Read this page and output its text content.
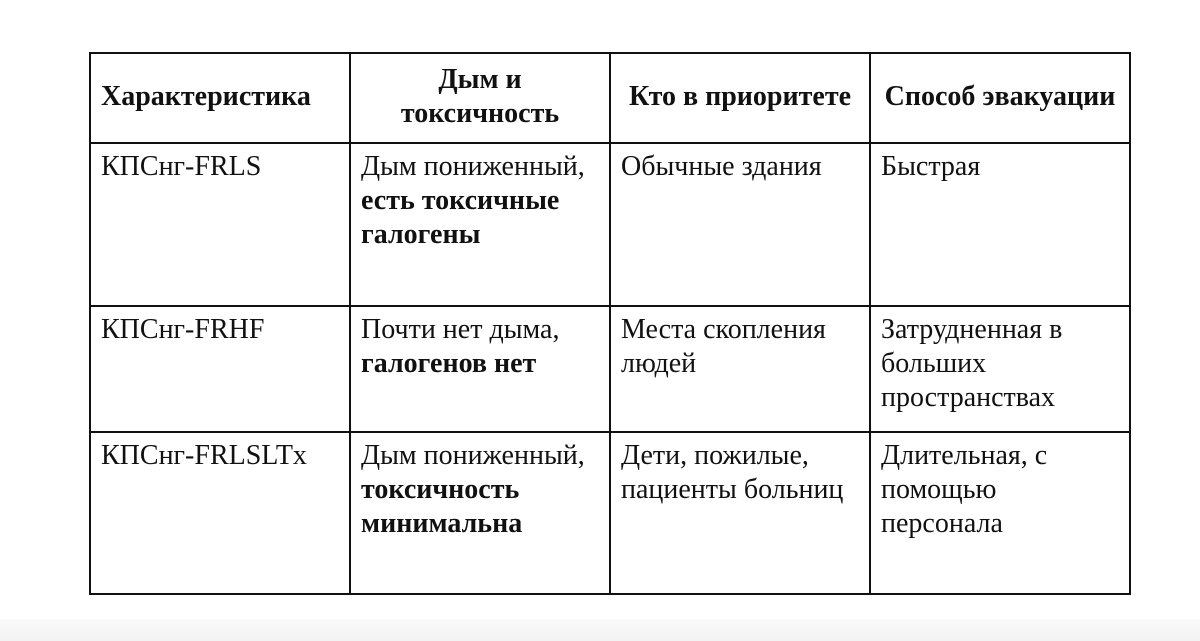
Характеристика	Дым и токсичность	Кто в приоритете	Способ эвакуации
КПСнг-FRLS	Дым пониженный, есть токсичные галогены	Обычные здания	Быстрая
КПСнг-FRHF	Почти нет дыма, галогенов нет	Места скопления людей	Затрудненная в больших пространствах
КПСнг-FRLSLTx	Дым пониженный, токсичность минимальна	Дети, пожилые, пациенты больниц	Длительная, с помощью персонала
